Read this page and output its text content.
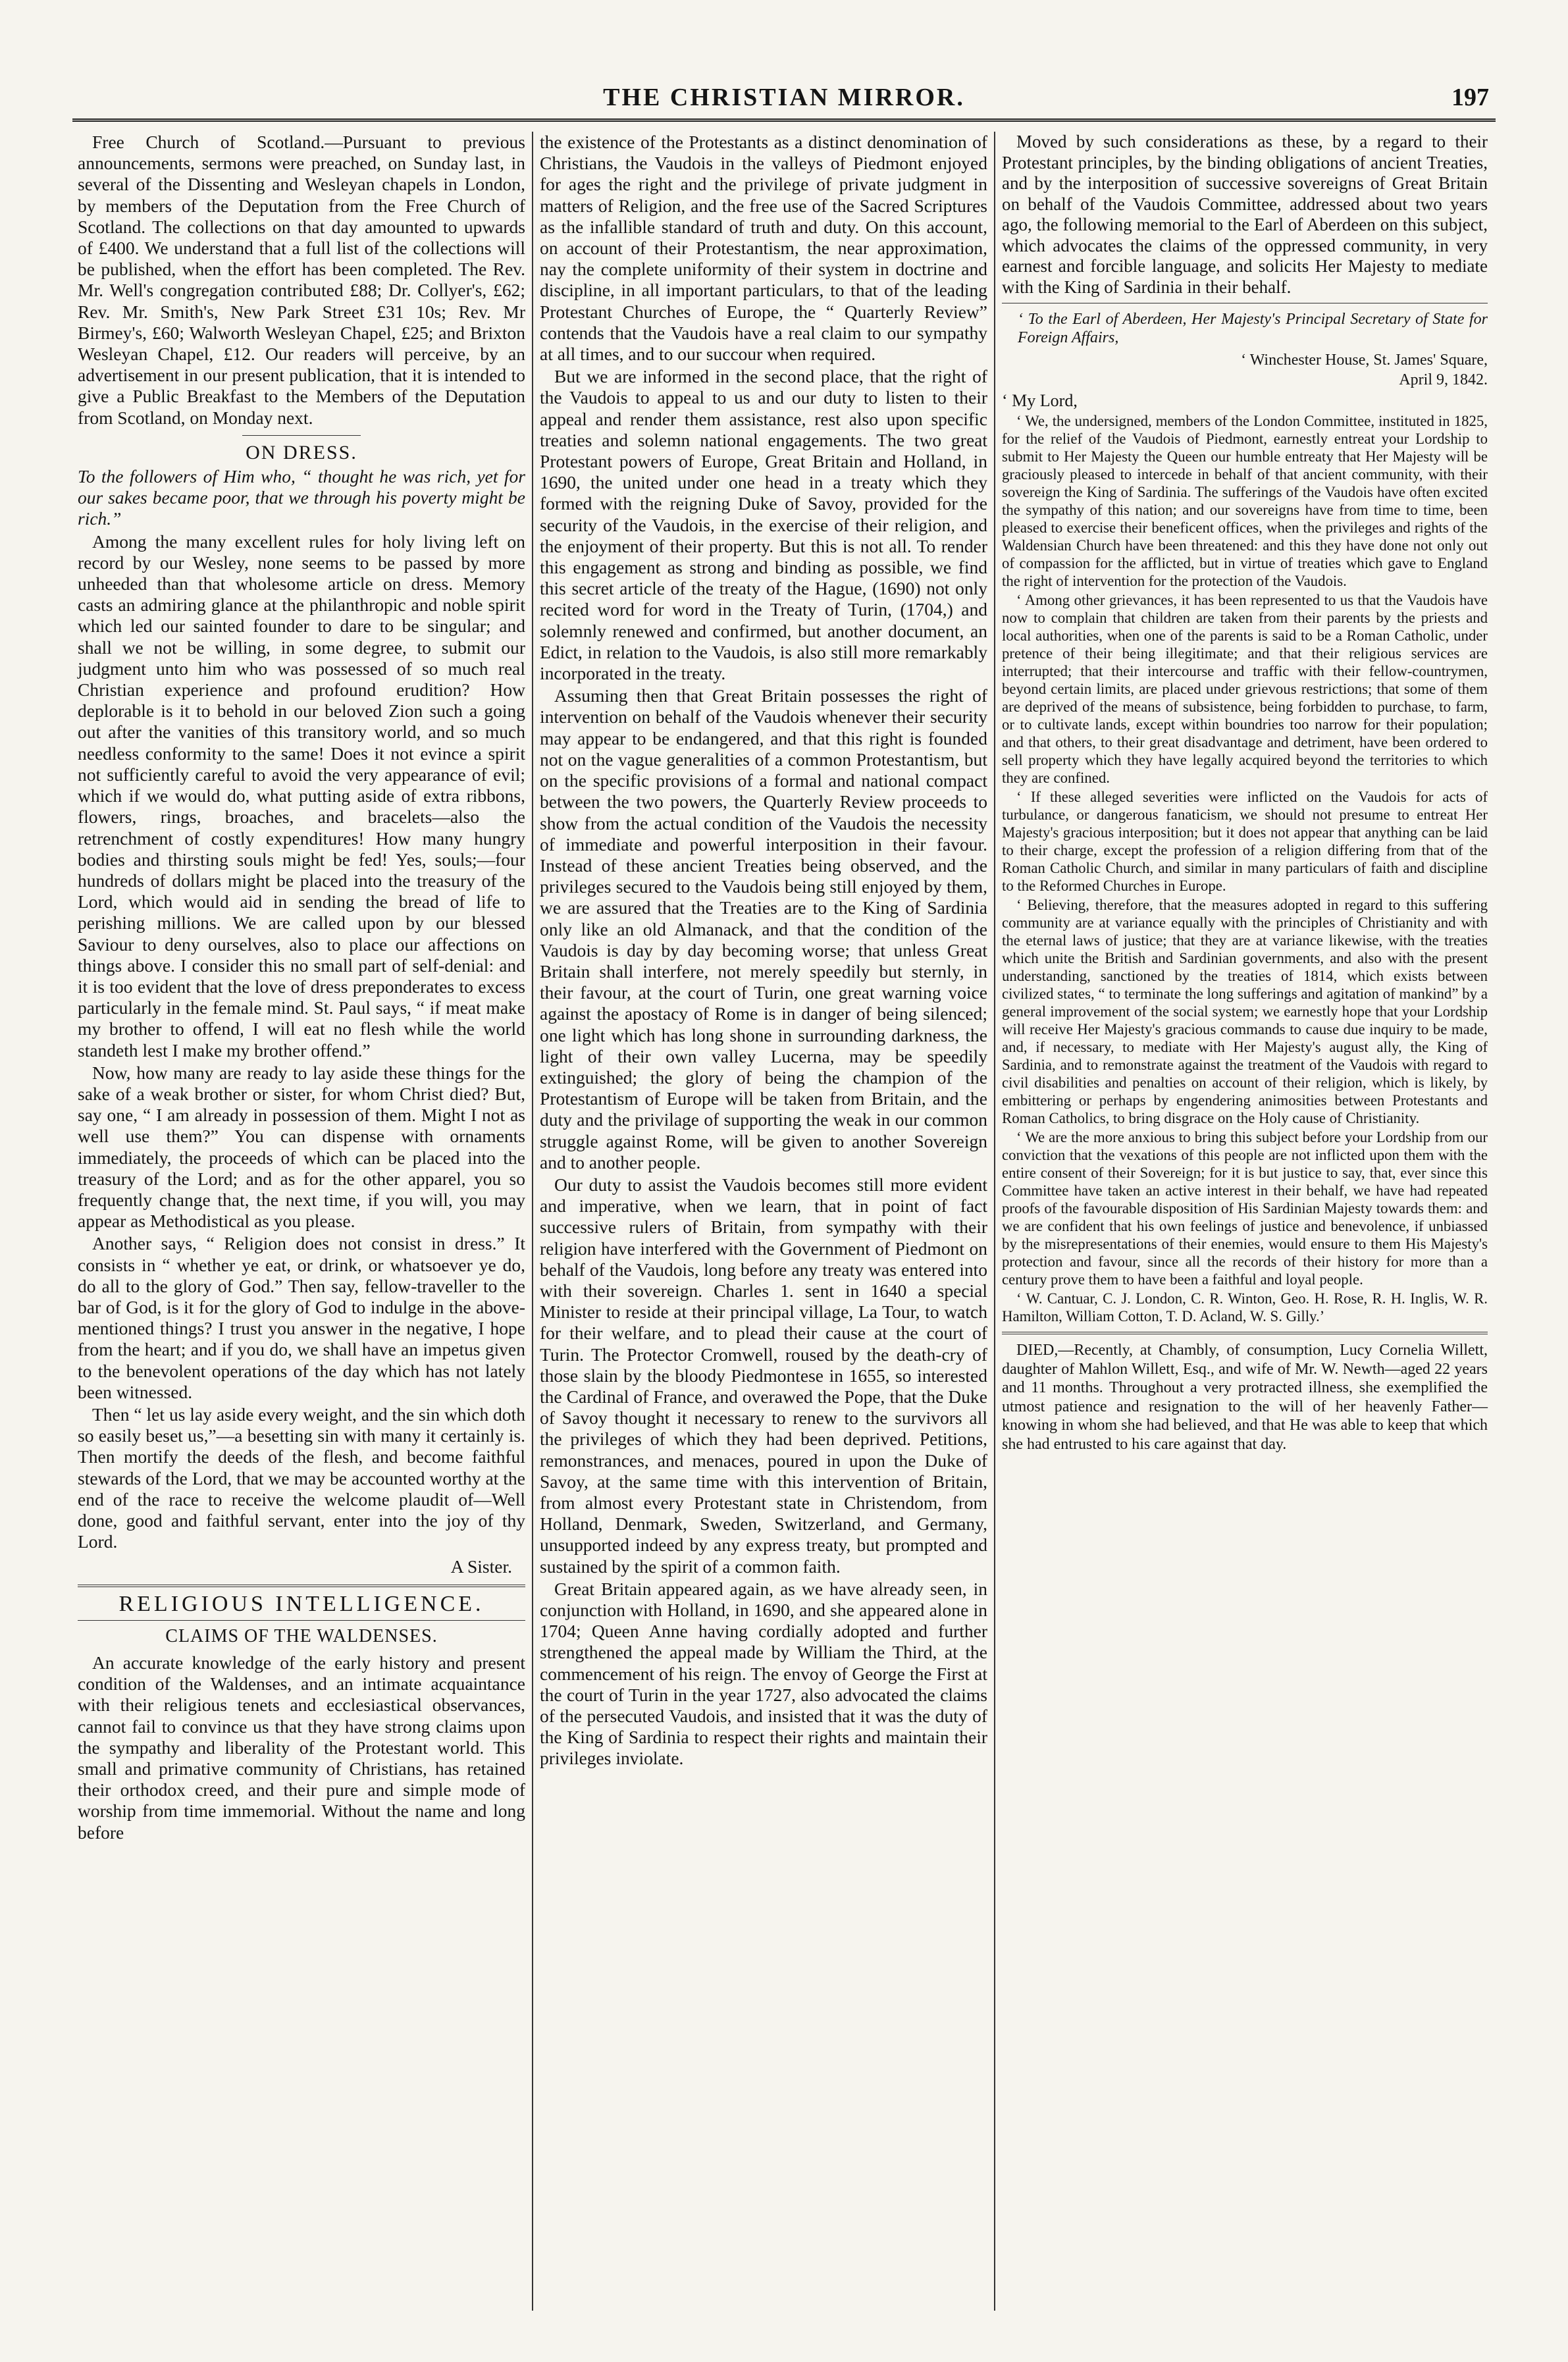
THE CHRISTIAN MIRROR.	197

Free Church of Scotland.—Pursuant to previous announcements, sermons were preached, on Sunday last, in several of the Dissenting and Wesleyan chapels in London, by members of the Deputation from the Free Church of Scotland. The collections on that day amounted to upwards of £400. We understand that a full list of the collections will be published, when the effort has been completed. The Rev. Mr. Well's congregation contributed £88; Dr. Collyer's, £62; Rev. Mr. Smith's, New Park Street £31 10s; Rev. Mr Birmey's, £60; Walworth Wesleyan Chapel, £25; and Brixton Wesleyan Chapel, £12. Our readers will perceive, by an advertisement in our present publication, that it is intended to give a Public Breakfast to the Members of the Deputation from Scotland, on Monday next.

ON DRESS.

To the followers of Him who, “ thought he was rich, yet for our sakes became poor, that we through his poverty might be rich.”

Among the many excellent rules for holy living left on record by our Wesley, none seems to be passed by more unheeded than that wholesome article on dress. Memory casts an admiring glance at the philanthropic and noble spirit which led our sainted founder to dare to be singular; and shall we not be willing, in some degree, to submit our judgment unto him who was possessed of so much real Christian experience and profound erudition? How deplorable is it to behold in our beloved Zion such a going out after the vanities of this transitory world, and so much needless conformity to the same! Does it not evince a spirit not sufficiently careful to avoid the very appearance of evil; which if we would do, what putting aside of extra ribbons, flowers, rings, broaches, and bracelets—also the retrenchment of costly expenditures! How many hungry bodies and thirsting souls might be fed! Yes, souls;—four hundreds of dollars might be placed into the treasury of the Lord, which would aid in sending the bread of life to perishing millions. We are called upon by our blessed Saviour to deny ourselves, also to place our affections on things above. I consider this no small part of self-denial: and it is too evident that the love of dress preponderates to excess particularly in the female mind. St. Paul says, “ if meat make my brother to offend, I will eat no flesh while the world standeth lest I make my brother offend.”

Now, how many are ready to lay aside these things for the sake of a weak brother or sister, for whom Christ died? But, say one, “ I am already in possession of them. Might I not as well use them?” You can dispense with ornaments immediately, the proceeds of which can be placed into the treasury of the Lord; and as for the other apparel, you so frequently change that, the next time, if you will, you may appear as Methodistical as you please.

Another says, “ Religion does not consist in dress.” It consists in “ whether ye eat, or drink, or whatsoever ye do, do all to the glory of God.” Then say, fellow-traveller to the bar of God, is it for the glory of God to indulge in the above-mentioned things? I trust you answer in the negative, I hope from the heart; and if you do, we shall have an impetus given to the benevolent operations of the day which has not lately been witnessed.

Then “ let us lay aside every weight, and the sin which doth so easily beset us,”—a besetting sin with many it certainly is. Then mortify the deeds of the flesh, and become faithful stewards of the Lord, that we may be accounted worthy at the end of the race to receive the welcome plaudit of—Well done, good and faithful servant, enter into the joy of thy Lord.

A Sister.

RELIGIOUS INTELLIGENCE.

CLAIMS OF THE WALDENSES.

An accurate knowledge of the early history and present condition of the Waldenses, and an intimate acquaintance with their religious tenets and ecclesiastical observances, cannot fail to convince us that they have strong claims upon the sympathy and liberality of the Protestant world. This small and primative community of Christians, has retained their orthodox creed, and their pure and simple mode of worship from time immemorial. Without the name and long before

the existence of the Protestants as a distinct denomination of Christians, the Vaudois in the valleys of Piedmont enjoyed for ages the right and the privilege of private judgment in matters of Religion, and the free use of the Sacred Scriptures as the infallible standard of truth and duty. On this account, on account of their Protestantism, the near approximation, nay the complete uniformity of their system in doctrine and discipline, in all important particulars, to that of the leading Protestant Churches of Europe, the “ Quarterly Review” contends that the Vaudois have a real claim to our sympathy at all times, and to our succour when required.

But we are informed in the second place, that the right of the Vaudois to appeal to us and our duty to listen to their appeal and render them assistance, rest also upon specific treaties and solemn national engagements. The two great Protestant powers of Europe, Great Britain and Holland, in 1690, the united under one head in a treaty which they formed with the reigning Duke of Savoy, provided for the security of the Vaudois, in the exercise of their religion, and the enjoyment of their property. But this is not all. To render this engagement as strong and binding as possible, we find this secret article of the treaty of the Hague, (1690) not only recited word for word in the Treaty of Turin, (1704,) and solemnly renewed and confirmed, but another document, an Edict, in relation to the Vaudois, is also still more remarkably incorporated in the treaty.

Assuming then that Great Britain possesses the right of intervention on behalf of the Vaudois whenever their security may appear to be endangered, and that this right is founded not on the vague generalities of a common Protestantism, but on the specific provisions of a formal and national compact between the two powers, the Quarterly Review proceeds to show from the actual condition of the Vaudois the necessity of immediate and powerful interposition in their favour. Instead of these ancient Treaties being observed, and the privileges secured to the Vaudois being still enjoyed by them, we are assured that the Treaties are to the King of Sardinia only like an old Almanack, and that the condition of the Vaudois is day by day becoming worse; that unless Great Britain shall interfere, not merely speedily but sternly, in their favour, at the court of Turin, one great warning voice against the apostacy of Rome is in danger of being silenced; one light which has long shone in surrounding darkness, the light of their own valley Lucerna, may be speedily extinguished; the glory of being the champion of the Protestantism of Europe will be taken from Britain, and the duty and the privilage of supporting the weak in our common struggle against Rome, will be given to another Sovereign and to another people.

Our duty to assist the Vaudois becomes still more evident and imperative, when we learn, that in point of fact successive rulers of Britain, from sympathy with their religion have interfered with the Government of Piedmont on behalf of the Vaudois, long before any treaty was entered into with their sovereign. Charles 1. sent in 1640 a special Minister to reside at their principal village, La Tour, to watch for their welfare, and to plead their cause at the court of Turin. The Protector Cromwell, roused by the death-cry of those slain by the bloody Piedmontese in 1655, so interested the Cardinal of France, and overawed the Pope, that the Duke of Savoy thought it necessary to renew to the survivors all the privileges of which they had been deprived. Petitions, remonstrances, and menaces, poured in upon the Duke of Savoy, at the same time with this intervention of Britain, from almost every Protestant state in Christendom, from Holland, Denmark, Sweden, Switzerland, and Germany, unsupported indeed by any express treaty, but prompted and sustained by the spirit of a common faith.

Great Britain appeared again, as we have already seen, in conjunction with Holland, in 1690, and she appeared alone in 1704; Queen Anne having cordially adopted and further strengthened the appeal made by William the Third, at the commencement of his reign. The envoy of George the First at the court of Turin in the year 1727, also advocated the claims of the persecuted Vaudois, and insisted that it was the duty of the King of Sardinia to respect their rights and maintain their privileges inviolate.

Moved by such considerations as these, by a regard to their Protestant principles, by the binding obligations of ancient Treaties, and by the interposition of successive sovereigns of Great Britain on behalf of the Vaudois Committee, addressed about two years ago, the following memorial to the Earl of Aberdeen on this subject, which advocates the claims of the oppressed community, in very earnest and forcible language, and solicits Her Majesty to mediate with the King of Sardinia in their behalf.

‘ To the Earl of Aberdeen, Her Majesty's Principal Secretary of State for Foreign Affairs,

‘ Winchester House, St. James' Square,

April 9, 1842.

‘ My Lord,

‘ We, the undersigned, members of the London Committee, instituted in 1825, for the relief of the Vaudois of Piedmont, earnestly entreat your Lordship to submit to Her Majesty the Queen our humble entreaty that Her Majesty will be graciously pleased to intercede in behalf of that ancient community, with their sovereign the King of Sardinia. The sufferings of the Vaudois have often excited the sympathy of this nation; and our sovereigns have from time to time, been pleased to exercise their beneficent offices, when the privileges and rights of the Waldensian Church have been threatened: and this they have done not only out of compassion for the afflicted, but in virtue of treaties which gave to England the right of intervention for the protection of the Vaudois.

‘ Among other grievances, it has been represented to us that the Vaudois have now to complain that children are taken from their parents by the priests and local authorities, when one of the parents is said to be a Roman Catholic, under pretence of their being illegitimate; and that their religious services are interrupted; that their intercourse and traffic with their fellow-countrymen, beyond certain limits, are placed under grievous restrictions; that some of them are deprived of the means of subsistence, being forbidden to purchase, to farm, or to cultivate lands, except within boundries too narrow for their population; and that others, to their great disadvantage and detriment, have been ordered to sell property which they have legally acquired beyond the territories to which they are confined.

‘ If these alleged severities were inflicted on the Vaudois for acts of turbulance, or dangerous fanaticism, we should not presume to entreat Her Majesty's gracious interposition; but it does not appear that anything can be laid to their charge, except the profession of a religion differing from that of the Roman Catholic Church, and similar in many particulars of faith and discipline to the Reformed Churches in Europe.

‘ Believing, therefore, that the measures adopted in regard to this suffering community are at variance equally with the principles of Christianity and with the eternal laws of justice; that they are at variance likewise, with the treaties which unite the British and Sardinian governments, and also with the present understanding, sanctioned by the treaties of 1814, which exists between civilized states, “ to terminate the long sufferings and agitation of mankind” by a general improvement of the social system; we earnestly hope that your Lordship will receive Her Majesty's gracious commands to cause due inquiry to be made, and, if necessary, to mediate with Her Majesty's august ally, the King of Sardinia, and to remonstrate against the treatment of the Vaudois with regard to civil disabilities and penalties on account of their religion, which is likely, by embittering or perhaps by engendering animosities between Protestants and Roman Catholics, to bring disgrace on the Holy cause of Christianity.

‘ We are the more anxious to bring this subject before your Lordship from our conviction that the vexations of this people are not inflicted upon them with the entire consent of their Sovereign; for it is but justice to say, that, ever since this Committee have taken an active interest in their behalf, we have had repeated proofs of the favourable disposition of His Sardinian Majesty towards them: and we are confident that his own feelings of justice and benevolence, if unbiassed by the misrepresentations of their enemies, would ensure to them His Majesty's protection and favour, since all the records of their history for more than a century prove them to have been a faithful and loyal people.

‘ W. Cantuar, C. J. London, C. R. Winton, Geo. H. Rose, R. H. Inglis, W. R. Hamilton, William Cotton, T. D. Acland, W. S. Gilly.’

DIED,—Recently, at Chambly, of consumption, Lucy Cornelia Willett, daughter of Mahlon Willett, Esq., and wife of Mr. W. Newth—aged 22 years and 11 months. Throughout a very protracted illness, she exemplified the utmost patience and resignation to the will of her heavenly Father—knowing in whom she had believed, and that He was able to keep that which she had entrusted to his care against that day.
